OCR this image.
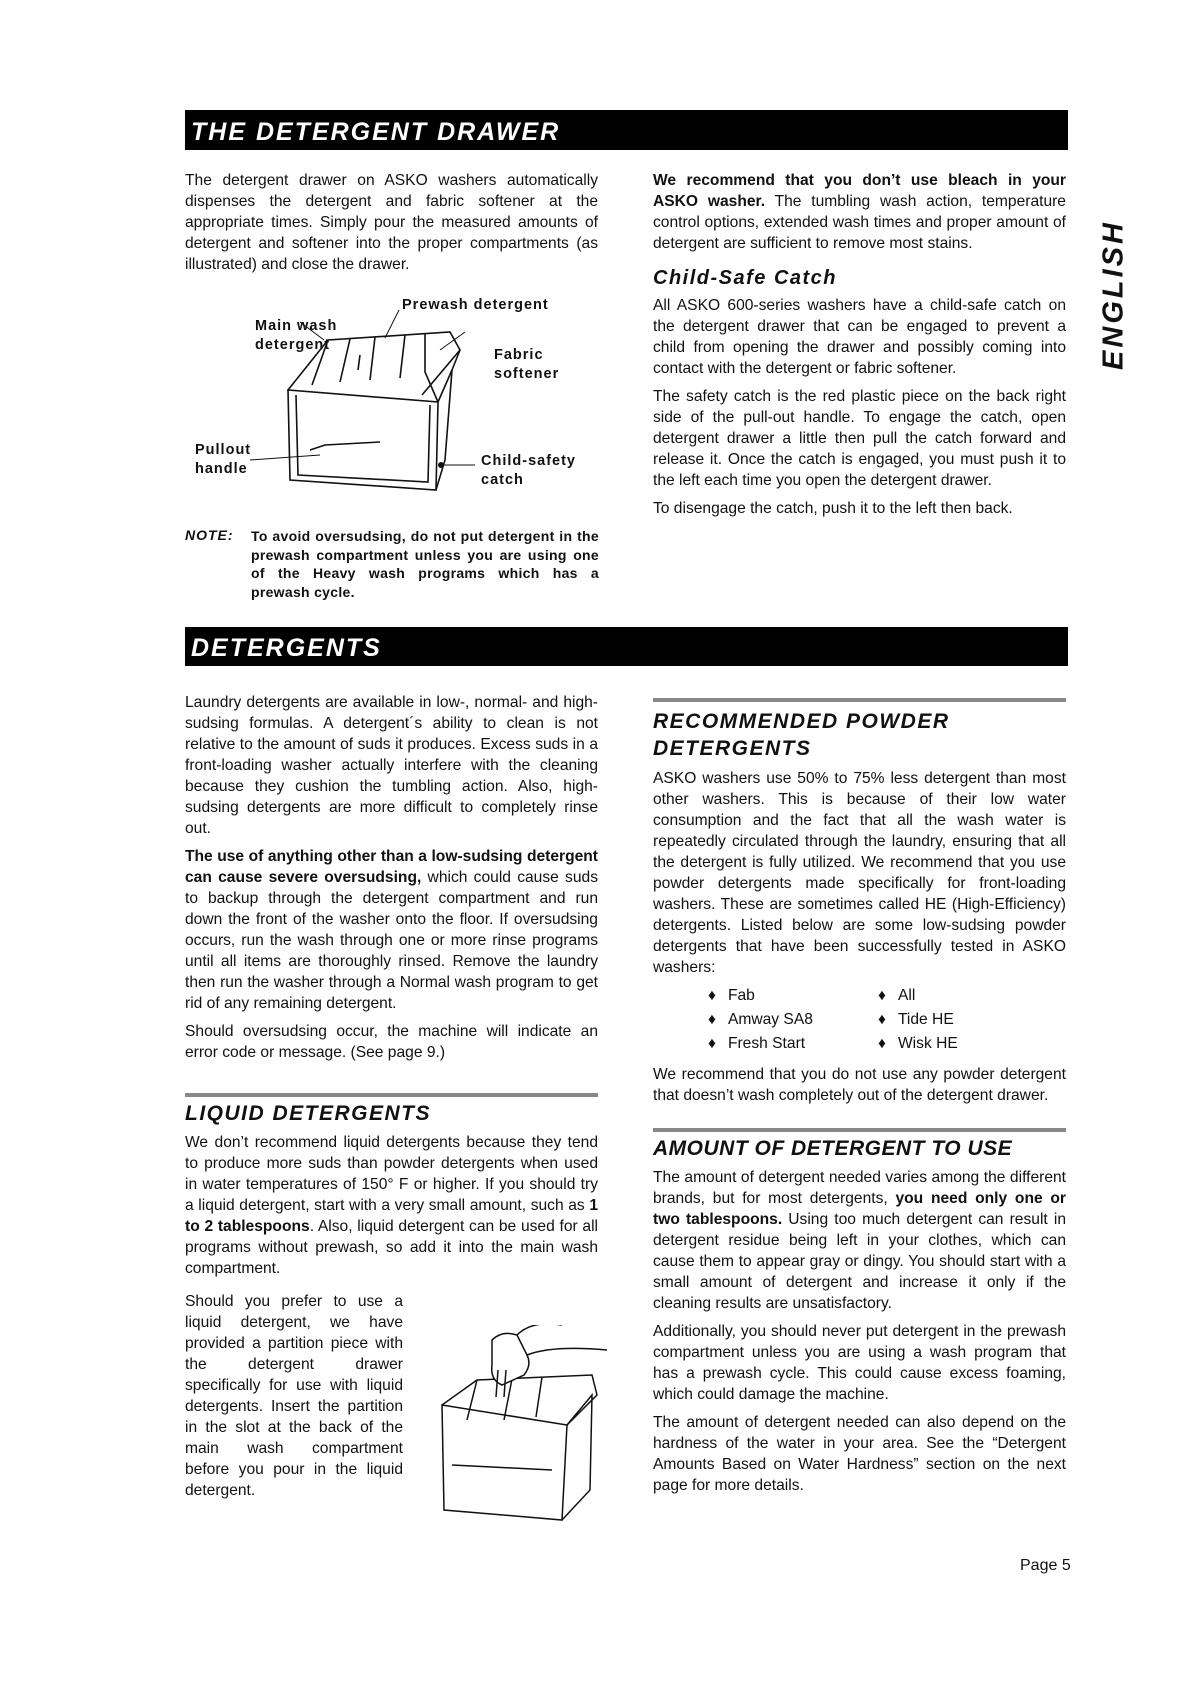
THE DETERGENT DRAWER
ENGLISH

The detergent drawer on ASKO washers automatically dispenses the detergent and fabric softener at the appropriate times. Simply pour the measured amounts of detergent and softener into the proper compartments (as illustrated) and close the drawer.

Prewash detergent
Main wash
detergent
Fabric
softener
Pullout
handle	Child-safety
catch
NOTE: To avoid oversudsing, do not put detergent in the prewash compartment unless you are using one of the Heavy wash programs which has a prewash cycle.

We recommend that you don’t use bleach in your ASKO washer. The tumbling wash action, temperature control options, extended wash times and proper amount of detergent are sufficient to remove most stains.

Child-Safe Catch

All ASKO 600-series washers have a child-safe catch on the detergent drawer that can be engaged to prevent a child from opening the drawer and possibly coming into contact with the detergent or fabric softener.

The safety catch is the red plastic piece on the back right side of the pull-out handle. To engage the catch, open detergent drawer a little then pull the catch forward and release it. Once the catch is engaged, you must push it to the left each time you open the detergent drawer.

To disengage the catch, push it to the left then back.

DETERGENTS

Laundry detergents are available in low-, normal- and high-sudsing formulas. A detergent´s ability to clean is not relative to the amount of suds it produces. Excess suds in a front-loading washer actually interfere with the cleaning because they cushion the tumbling action. Also, high-sudsing detergents are more difficult to completely rinse out.

The use of anything other than a low-sudsing detergent can cause severe oversudsing, which could cause suds to backup through the detergent compartment and run down the front of the washer onto the floor. If oversudsing occurs, run the wash through one or more rinse programs until all items are thoroughly rinsed. Remove the laundry then run the washer through a Normal wash program to get rid of any remaining detergent.

Should oversudsing occur, the machine will indicate an error code or message. (See page 9.)

LIQUID DETERGENTS

We don’t recommend liquid detergents because they tend to produce more suds than powder detergents when used in water temperatures of 150° F or higher. If you should try a liquid detergent, start with a very small amount, such as 1 to 2 tablespoons. Also, liquid detergent can be used for all programs without prewash, so add it into the main wash compartment.

Should you prefer to use a liquid detergent, we have provided a partition piece with the detergent drawer specifically for use with liquid detergents. Insert the partition in the slot at the back of the main wash compartment before you pour in the liquid detergent.

RECOMMENDED POWDER
DETERGENTS

ASKO washers use 50% to 75% less detergent than most other washers. This is because of their low water consumption and the fact that all the wash water is repeatedly circulated through the laundry, ensuring that all the detergent is fully utilized. We recommend that you use powder detergents made specifically for front-loading washers. These are sometimes called HE (High-Efficiency) detergents. Listed below are some low-sudsing powder detergents that have been successfully tested in ASKO washers:

♦ Fab	♦ All
♦ Amway SA8	♦ Tide HE
♦ Fresh Start	♦ Wisk HE

We recommend that you do not use any powder detergent that doesn’t wash completely out of the detergent drawer.

AMOUNT OF DETERGENT TO USE

The amount of detergent needed varies among the different brands, but for most detergents, you need only one or two tablespoons. Using too much detergent can result in detergent residue being left in your clothes, which can cause them to appear gray or dingy. You should start with a small amount of detergent and increase it only if the cleaning results are unsatisfactory.

Additionally, you should never put detergent in the prewash compartment unless you are using a wash program that has a prewash cycle. This could cause excess foaming, which could damage the machine.

The amount of detergent needed can also depend on the hardness of the water in your area. See the “Detergent Amounts Based on Water Hardness” section on the next page for more details.

Page 5
